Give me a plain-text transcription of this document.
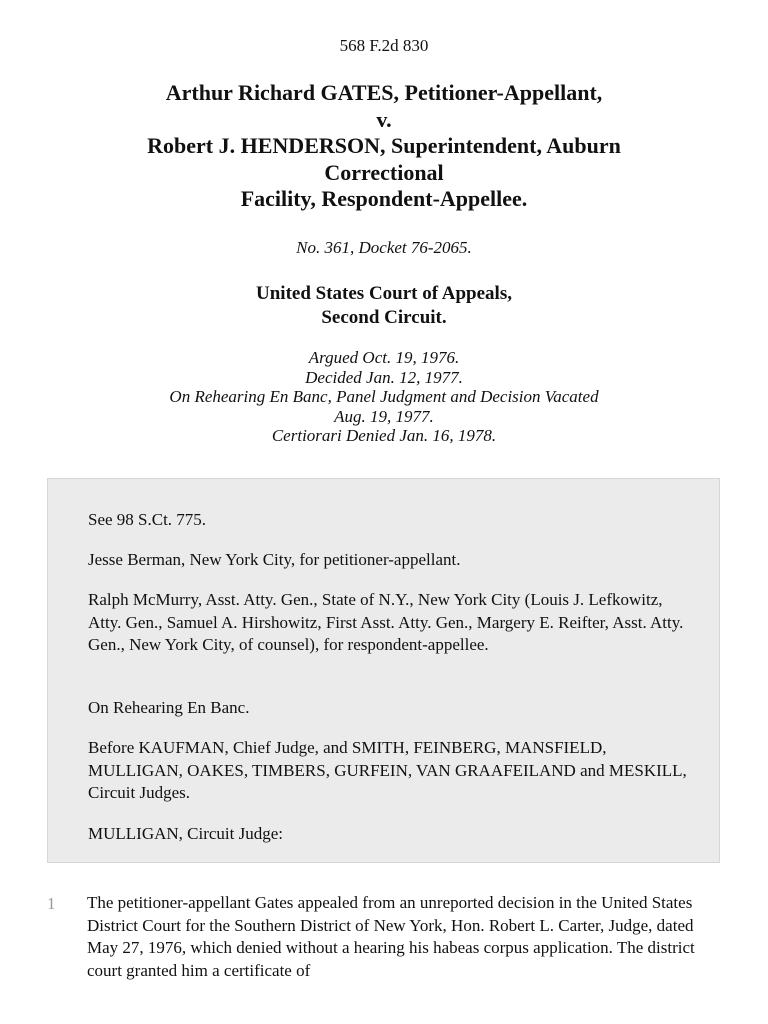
568 F.2d 830
Arthur Richard GATES, Petitioner-Appellant,
v.
Robert J. HENDERSON, Superintendent, Auburn
Correctional
Facility, Respondent-Appellee.
No. 361, Docket 76-2065.
United States Court of Appeals,
Second Circuit.
Argued Oct. 19, 1976.
Decided Jan. 12, 1977.
On Rehearing En Banc, Panel Judgment and Decision Vacated
Aug. 19, 1977.
Certiorari Denied Jan. 16, 1978.

See 98 S.Ct. 775.

Jesse Berman, New York City, for petitioner-appellant.

Ralph McMurry, Asst. Atty. Gen., State of N.Y., New York City (Louis J. Lefkowitz, Atty. Gen., Samuel A. Hirshowitz, First Asst. Atty. Gen., Margery E. Reifter, Asst. Atty. Gen., New York City, of counsel), for respondent-appellee.

On Rehearing En Banc.

Before KAUFMAN, Chief Judge, and SMITH, FEINBERG, MANSFIELD, MULLIGAN, OAKES, TIMBERS, GURFEIN, VAN GRAAFEILAND and MESKILL, Circuit Judges.

MULLIGAN, Circuit Judge:

1 The petitioner-appellant Gates appealed from an unreported decision in the United States District Court for the Southern District of New York, Hon. Robert L. Carter, Judge, dated May 27, 1976, which denied without a hearing his habeas corpus application. The district court granted him a certificate of
